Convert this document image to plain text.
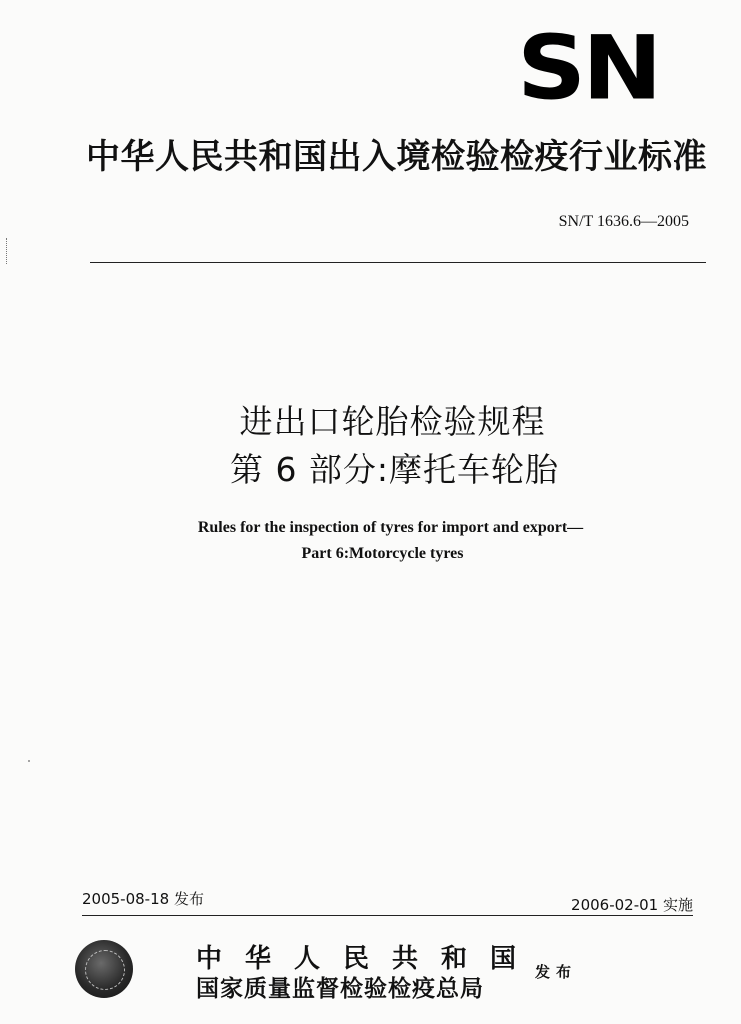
SN
中华人民共和国出入境检验检疫行业标准
SN/T 1636.6—2005
进出口轮胎检验规程
第 6 部分:摩托车轮胎
Rules for the inspection of tyres for import and export—
Part 6:Motorcycle tyres
2005-08-18 发布	2006-02-01 实施
中华人民共和国
国家质量监督检验检疫总局
发布
